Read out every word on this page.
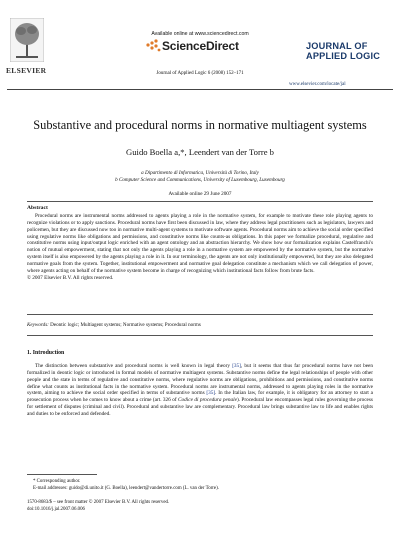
ELSEVIER
Available online at www.sciencedirect.com
ScienceDirect
Journal of Applied Logic 6 (2008) 152–171
JOURNAL OF
APPLIED LOGIC
www.elsevier.com/locate/jal
Substantive and procedural norms in normative multiagent systems
Guido Boella a,*, Leendert van der Torre b
a Dipartimento di Informatica, Università di Torino, Italy
b Computer Science and Communications, University of Luxembourg, Luxembourg
Available online 29 June 2007
Abstract
Procedural norms are instrumental norms addressed to agents playing a role in the normative system, for example to motivate these role playing agents to recognize violations or to apply sanctions. Procedural norms have first been discussed in law, where they address legal practitioners such as legislators, lawyers and policemen, but they are discussed now too in normative multi-agent systems to motivate software agents. Procedural norms aim to achieve the social order specified using regulative norms like obligations and permissions, and constitutive norms like counts-as obligations. In this paper we formalize procedural, regulative and constitutive norms using input/output logic enriched with an agent ontology and an abstraction hierarchy. We show how our formalization explains Castelfranchi's notion of mutual empowerment, stating that not only the agents playing a role in a normative system are empowered by the normative system, but the normative system itself is also empowered by the agents playing a role in it. In our terminology, the agents are not only institutionally empowered, but they are also delegated normative goals from the system. Together, institutional empowerment and normative goal delegation constitute a mechanism which we call delegation of power, where agents acting on behalf of the normative system become in charge of recognizing which institutional facts follow from brute facts.
© 2007 Elsevier B.V. All rights reserved.
Keywords: Deontic logic; Multiagent systems; Normative systems; Procedural norms
1. Introduction
The distinction between substantive and procedural norms is well known in legal theory [35], but it seems that thus far procedural norms have not been formalized in deontic logic or introduced in formal models of normative multiagent systems. Substantive norms define the legal relationships of people with other people and the state in terms of regulative and constitutive norms, where regulative norms are obligations, prohibitions and permissions, and constitutive norms define what counts as institutional facts in the normative system. Procedural norms are instrumental norms, addressed to agents playing roles in the normative system, aiming to achieve the social order specified in terms of substantive norms [35]. In the Italian law, for example, it is obligatory for an attorney to start a prosecution process when he comes to know about a crime (art. 326 of Codice di procedura penale). Procedural law encompasses legal rules governing the process for settlement of disputes (criminal and civil). Procedural and substantive law are complementary. Procedural law brings substantive law to life and enables rights and duties to be enforced and defended.
* Corresponding author.
E-mail addresses: guido@di.unito.it (G. Boella), leendert@vandertorre.com (L. van der Torre).
1570-8683/$ – see front matter © 2007 Elsevier B.V. All rights reserved.
doi:10.1016/j.jal.2007.06.006
